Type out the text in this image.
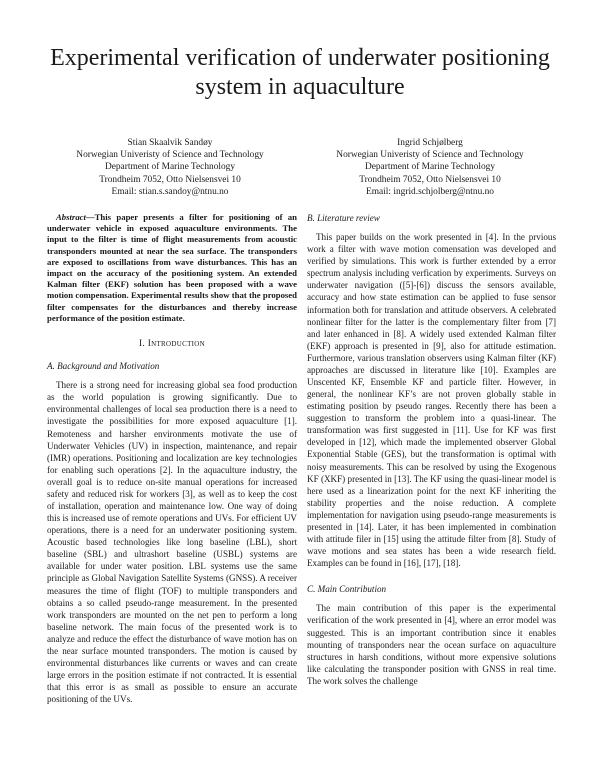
Experimental verification of underwater positioning system in aquaculture
Stian Skaalvik Sandøy
Norwegian Univeristy of Science and Technology
Department of Marine Technology
Trondheim 7052, Otto Nielsensvei 10
Email: stian.s.sandoy@ntnu.no
Ingrid Schjølberg
Norwegian Univeristy of Science and Technology
Department of Marine Technology
Trondheim 7052, Otto Nielsensvei 10
Email: ingrid.schjolberg@ntnu.no

Abstract—This paper presents a filter for positioning of an underwater vehicle in exposed aquaculture environments. The input to the filter is time of flight measurements from acoustic transponders mounted at near the sea surface. The transponders are exposed to oscillations from wave disturbances. This has an impact on the accuracy of the positioning system. An extended Kalman filter (EKF) solution has been proposed with a wave motion compensation. Experimental results show that the proposed filter compensates for the disturbances and thereby increase performance of the position estimate.

I. Introduction
A. Background and Motivation

There is a strong need for increasing global sea food production as the world population is growing significantly. Due to environmental challenges of local sea production there is a need to investigate the possibilities for more exposed aquaculture [1]. Remoteness and harsher environments motivate the use of Underwater Vehicles (UV) in inspection, maintenance, and repair (IMR) operations. Positioning and localization are key technologies for enabling such operations [2]. In the aquaculture industry, the overall goal is to reduce on-site manual operations for increased safety and reduced risk for workers [3], as well as to keep the cost of installation, operation and maintenance low. One way of doing this is increased use of remote operations and UVs. For efficient UV operations, there is a need for an underwater positioning system. Acoustic based technologies like long baseline (LBL), short baseline (SBL) and ultrashort baseline (USBL) systems are available for under water position. LBL systems use the same principle as Global Navigation Satellite Systems (GNSS). A receiver measures the time of flight (TOF) to multiple transponders and obtains a so called pseudo-range measurement. In the presented work transponders are mounted on the net pen to perform a long baseline network. The main focus of the presented work is to analyze and reduce the effect the disturbance of wave motion has on the near surface mounted transponders. The motion is caused by environmental disturbances like currents or waves and can create large errors in the position estimate if not contracted. It is essential that this error is as small as possible to ensure an accurate positioning of the UVs.

B. Literature review

This paper builds on the work presented in [4]. In the prvious work a filter with wave motion comensation was developed and verified by simulations. This work is further extended by a error spectrum analysis including verfication by experiments. Surveys on underwater navigation ([5]-[6]) discuss the sensors available, accuracy and how state estimation can be applied to fuse sensor information both for translation and attitude observers. A celebrated nonlinear filter for the latter is the complementary filter from [7] and later enhanced in [8]. A widely used extended Kalman filter (EKF) approach is presented in [9], also for attitude estimation. Furthermore, various translation observers using Kalman filter (KF) approaches are discussed in literature like [10]. Examples are Unscented KF, Ensemble KF and particle filter. However, in general, the nonlinear KF’s are not proven globally stable in estimating position by pseudo ranges. Recently there has been a suggestion to transform the problem into a quasi-linear. The transformation was first suggested in [11]. Use for KF was first developed in [12], which made the implemented observer Global Exponential Stable (GES), but the transformation is optimal with noisy measurements. This can be resolved by using the Exogenous KF (XKF) presented in [13]. The KF using the quasi-linear model is here used as a linearization point for the next KF inheriting the stability properties and the noise reduction. A complete implementation for navigation using pseudo-range measurements is presented in [14]. Later, it has been implemented in combination with attitude filer in [15] using the attitude filter from [8]. Study of wave motions and sea states has been a wide research field. Examples can be found in [16], [17], [18].

C. Main Contribution

The main contribution of this paper is the experimental verification of the work presented in [4], where an error model was suggested. This is an important contribution since it enables mounting of transponders near the ocean surface on aquaculture structures in harsh conditions, without more expensive solutions like calculating the transponder position with GNSS in real time. The work solves the challenge
